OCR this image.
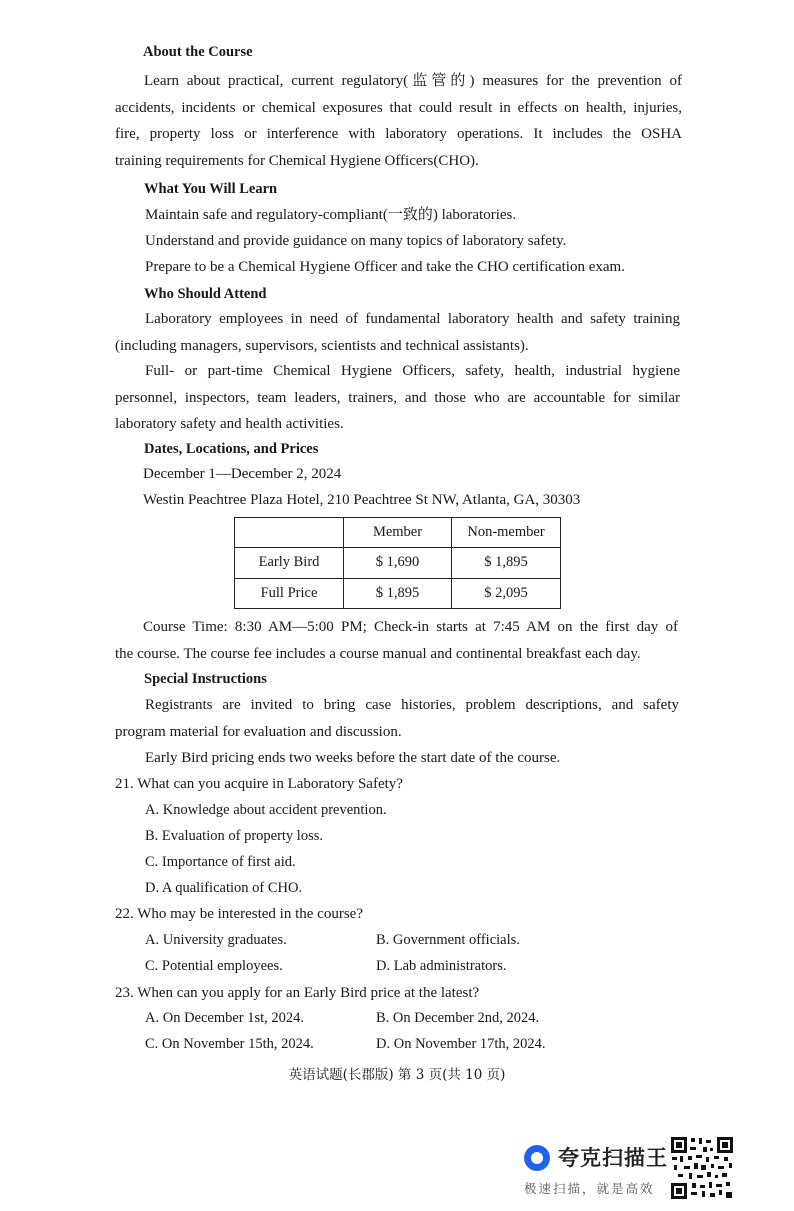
About the Course
Learn about practical, current regulatory(监管的) measures for the prevention of
accidents, incidents or chemical exposures that could result in effects on health, injuries,
fire, property loss or interference with laboratory operations. It includes the OSHA
training requirements for Chemical Hygiene Officers(CHO).
What You Will Learn
Maintain safe and regulatory-compliant(一致的) laboratories.
Understand and provide guidance on many topics of laboratory safety.
Prepare to be a Chemical Hygiene Officer and take the CHO certification exam.
Who Should Attend
Laboratory employees in need of fundamental laboratory health and safety training
(including managers, supervisors, scientists and technical assistants).
Full- or part-time Chemical Hygiene Officers, safety, health, industrial hygiene
personnel, inspectors, team leaders, trainers, and those who are accountable for similar
laboratory safety and health activities.
Dates, Locations, and Prices
December 1—December 2, 2024
Westin Peachtree Plaza Hotel, 210 Peachtree St NW, Atlanta, GA, 30303
	Member	Non-member
Early Bird	$ 1,690	$ 1,895
Full Price	$ 1,895	$ 2,095
Course Time: 8:30 AM—5:00 PM; Check-in starts at 7:45 AM on the first day of
the course. The course fee includes a course manual and continental breakfast each day.
Special Instructions
Registrants are invited to bring case histories, problem descriptions, and safety
program material for evaluation and discussion.
Early Bird pricing ends two weeks before the start date of the course.
21. What can you acquire in Laboratory Safety?
A. Knowledge about accident prevention.
B. Evaluation of property loss.
C. Importance of first aid.
D. A qualification of CHO.
22. Who may be interested in the course?
A. University graduates.	B. Government officials.
C. Potential employees.	D. Lab administrators.
23. When can you apply for an Early Bird price at the latest?
A. On December 1st, 2024.	B. On December 2nd, 2024.
C. On November 15th, 2024.	D. On November 17th, 2024.
英语试题(长郡版) 第 3 页(共 10 页)
夸克扫描王
极速扫描，就是高效
